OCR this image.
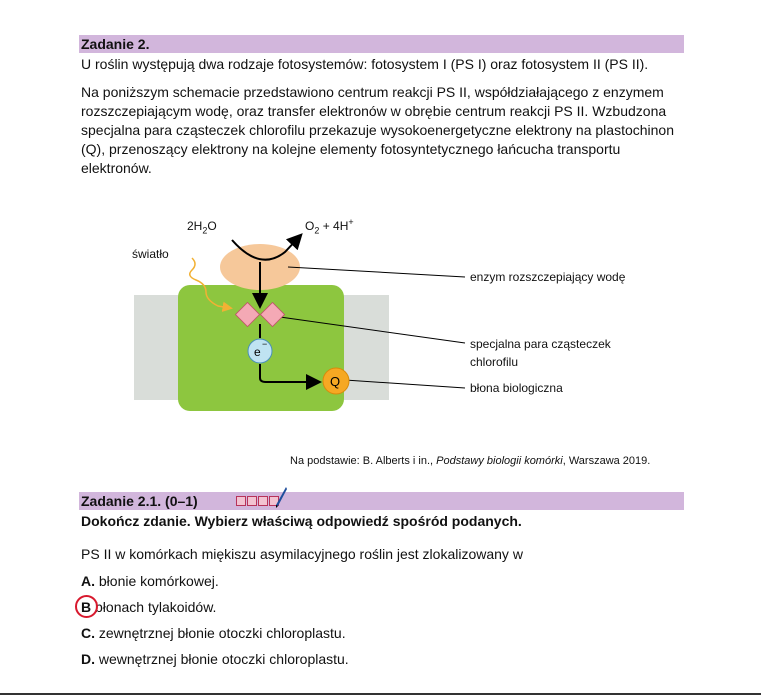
Zadanie 2.

U roślin występują dwa rodzaje fotosystemów: fotosystem I (PS I) oraz fotosystem II (PS II).

Na poniższym schemacie przedstawiono centrum reakcji PS II, współdziałającego z enzymem rozszczepiającym wodę, oraz transfer elektronów w obrębie centrum reakcji PS II. Wzbudzona specjalna para cząsteczek chlorofilu przekazuje wysokoenergetyczne elektrony na plastochinon (Q), przenoszący elektrony na kolejne elementy fotosyntetycznego łańcucha transportu elektronów.

e
−
Q
$2H_2O$	$O_2 + 4H^+$
światło
enzym rozszczepiający wodę
specjalna para cząsteczek
chlorofilu
błona biologiczna
Na podstawie: B. Alberts i in., Podstawy biologii komórki, Warszawa 2019.
Zadanie 2.1. (0–1)
Dokończ zdanie. Wybierz właściwą odpowiedź spośród podanych.
PS II w komórkach miękiszu asymilacyjnego roślin jest zlokalizowany w
A. błonie komórkowej.
B
błonach tylakoidów.
C. zewnętrznej błonie otoczki chloroplastu.
D. wewnętrznej błonie otoczki chloroplastu.
